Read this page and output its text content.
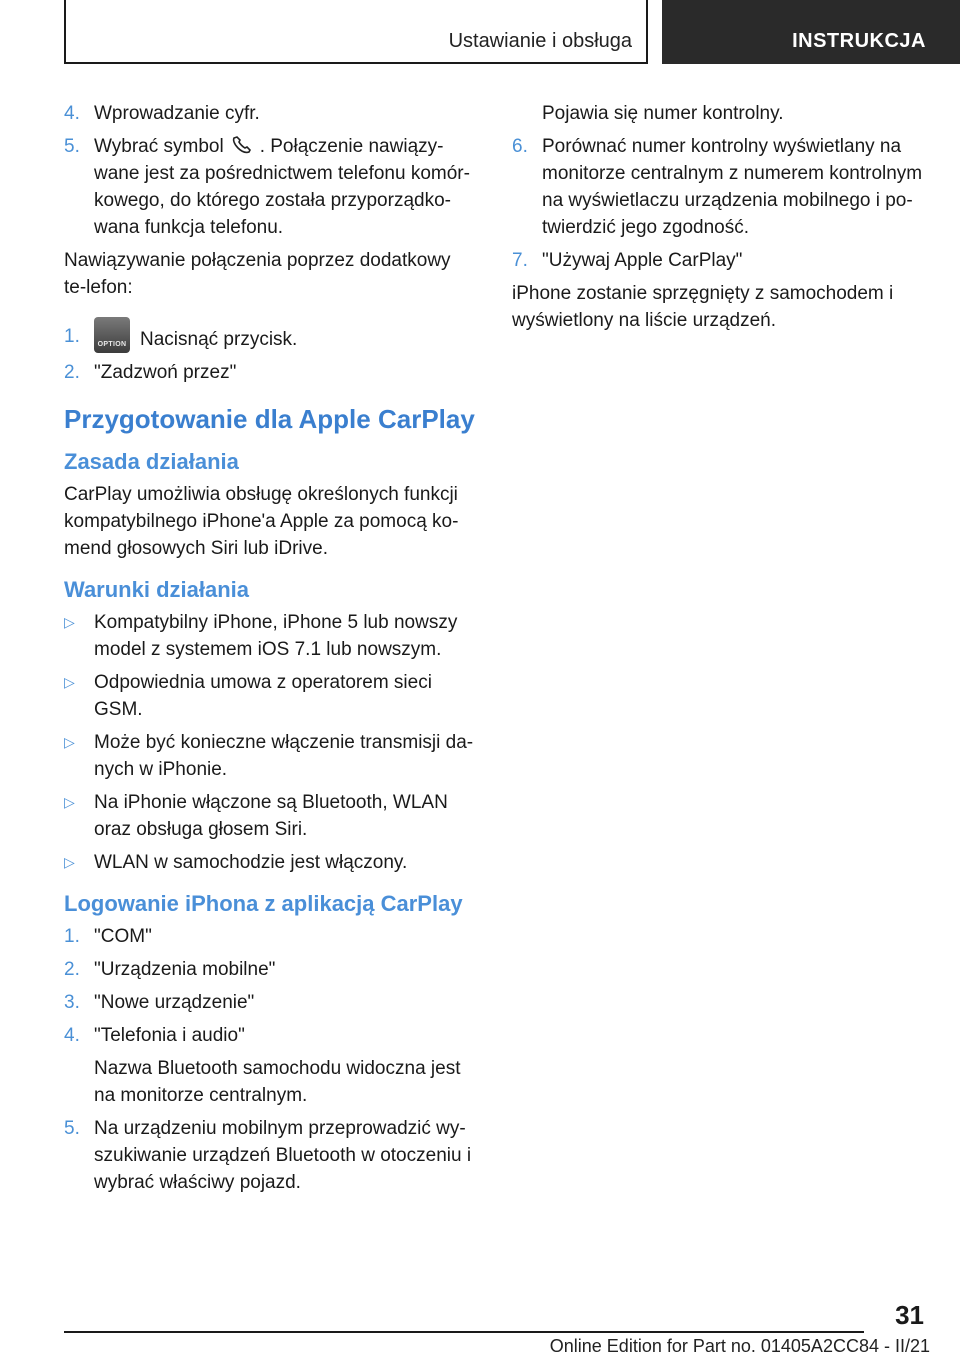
Ustawianie i obsługa	INSTRUKCJA
4. Wprowadzanie cyfr.
5. Wybrać symbol . Połączenie nawiązy-wane jest za pośrednictwem telefonu komór-kowego, do którego została przyporządko-wana funkcja telefonu.

Nawiązywanie połączenia poprzez dodatkowy te-lefon:

1.	OPTION Nacisnąć przycisk.
2. "Zadzwoń przez"
Przygotowanie dla Apple CarPlay
Zasada działania

CarPlay umożliwia obsługę określonych funkcji kompatybilnego iPhone'a Apple za pomocą ko-mend głosowych Siri lub iDrive.

Warunki działania
▷ Kompatybilny iPhone, iPhone 5 lub nowszy model z systemem iOS 7.1 lub nowszym.
▷ Odpowiednia umowa z operatorem sieci GSM.
▷ Może być konieczne włączenie transmisji da-nych w iPhonie.
▷ Na iPhonie włączone są Bluetooth, WLAN oraz obsługa głosem Siri.
▷ WLAN w samochodzie jest włączony.
Logowanie iPhona z aplikacją CarPlay
1. "COM"
2. "Urządzenia mobilne"
3. "Nowe urządzenie"
4. "Telefonia i audio"

Nazwa Bluetooth samochodu widoczna jest na monitorze centralnym.

5. Na urządzeniu mobilnym przeprowadzić wy-szukiwanie urządzeń Bluetooth w otoczeniu i wybrać właściwy pojazd.

Pojawia się numer kontrolny.

6. Porównać numer kontrolny wyświetlany na monitorze centralnym z numerem kontrolnym na wyświetlaczu urządzenia mobilnego i po-twierdzić jego zgodność.
7. "Używaj Apple CarPlay"

iPhone zostanie sprzęgnięty z samochodem i wyświetlony na liście urządzeń.

31
Online Edition for Part no. 01405A2CC84 - II/21
